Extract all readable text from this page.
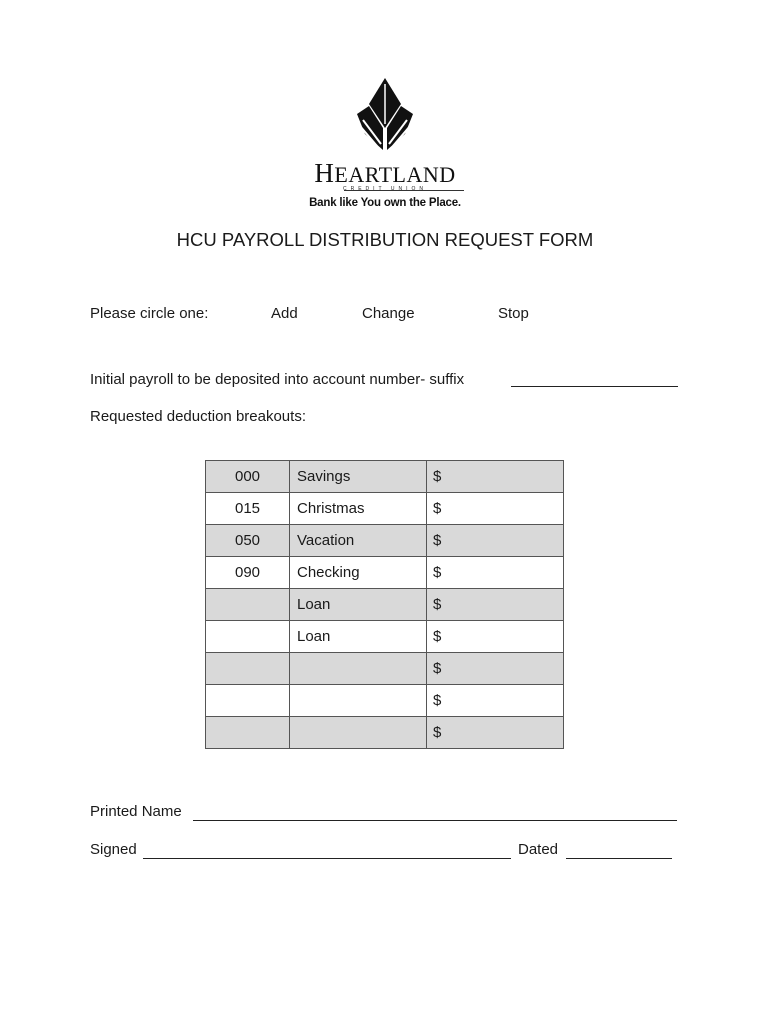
HEARTLAND
CREDIT UNION
Bank like You own the Place.
HCU PAYROLL DISTRIBUTION REQUEST FORM
Please circle one:	Add	Change	Stop
Initial payroll to be deposited into account number- suffix
Requested deduction breakouts:
000	Savings	$
015	Christmas	$
050	Vacation	$
090	Checking	$
	Loan	$
	Loan	$
		$
		$
		$
Printed Name
Signed	Dated
